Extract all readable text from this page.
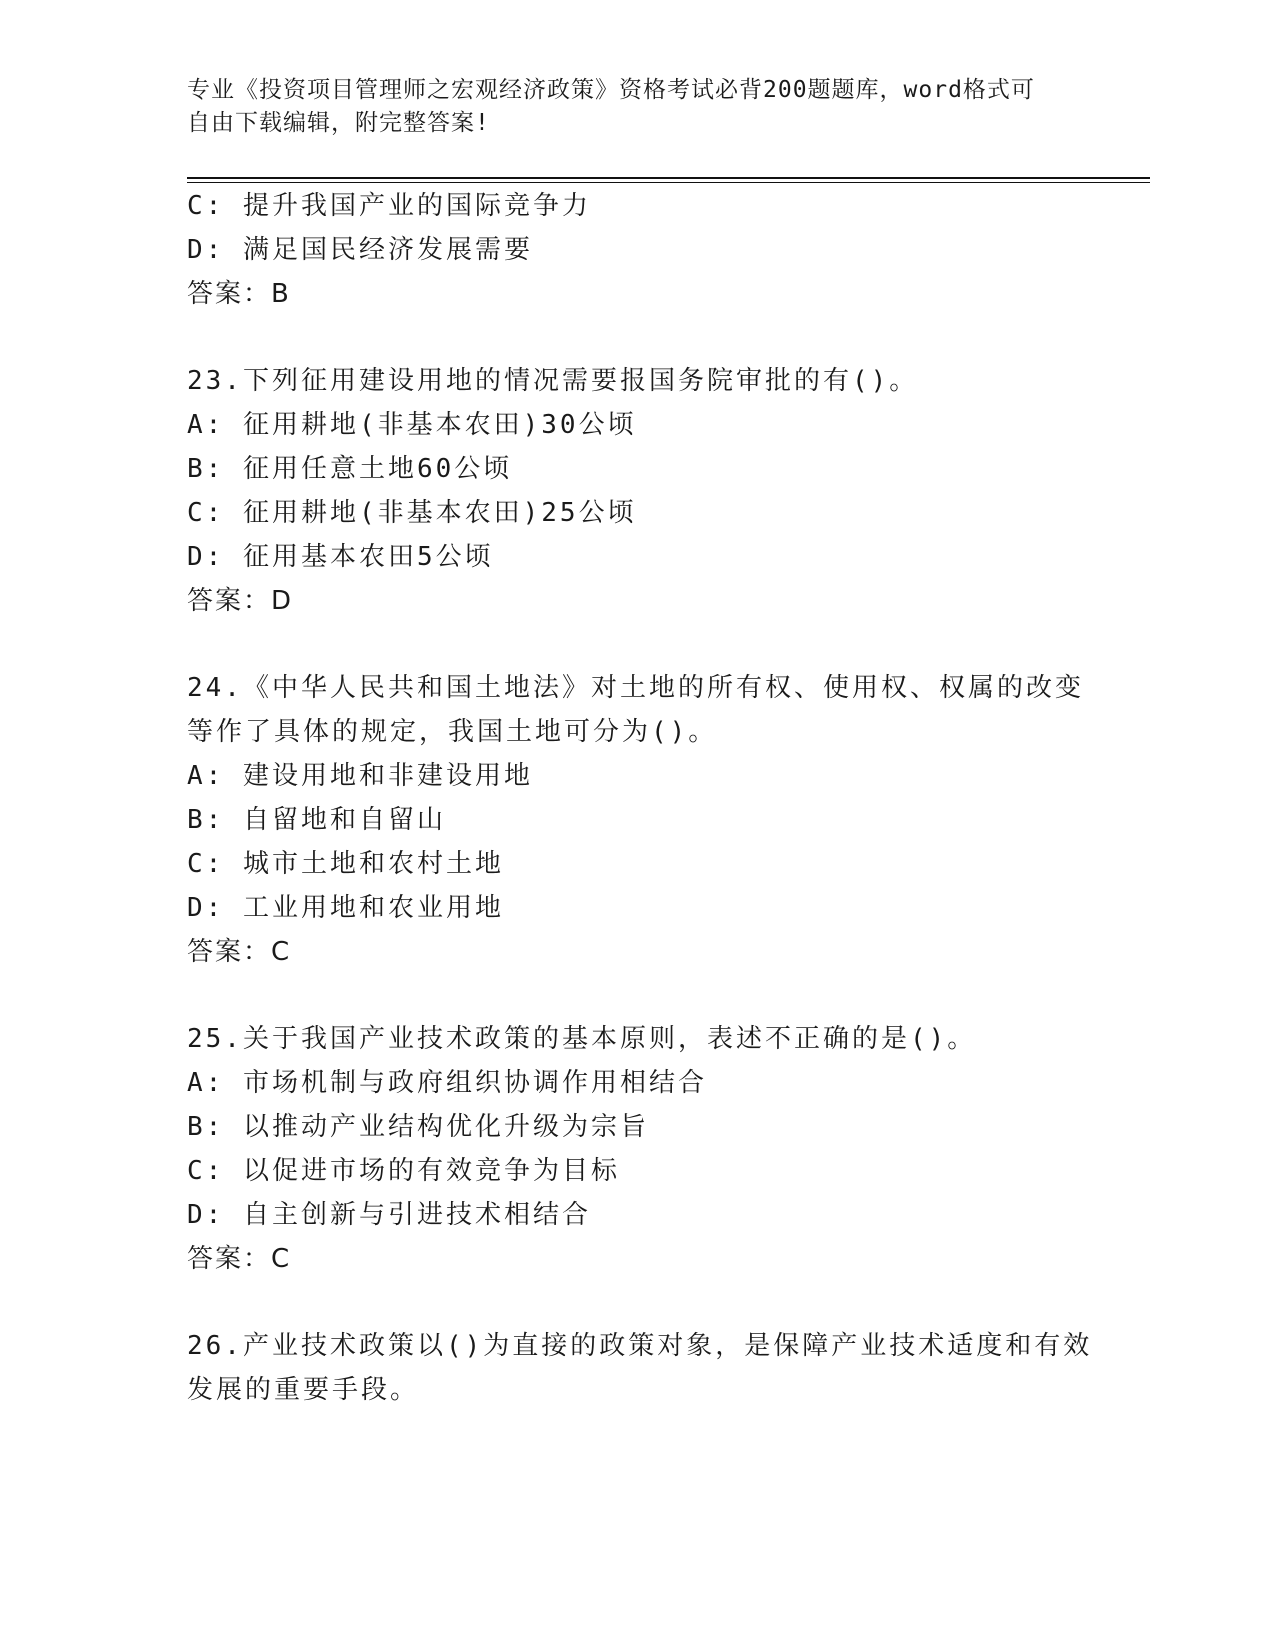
专业《投资项目管理师之宏观经济政策》资格考试必背200题题库，word格式可
自由下载编辑，附完整答案!
C: 提升我国产业的国际竞争力
D: 满足国民经济发展需要
答案：B
23.下列征用建设用地的情况需要报国务院审批的有()。
A: 征用耕地(非基本农田)30公顷
B: 征用任意土地60公顷
C: 征用耕地(非基本农田)25公顷
D: 征用基本农田5公顷
答案：D
24.《中华人民共和国土地法》对土地的所有权、使用权、权属的改变
等作了具体的规定，我国土地可分为()。
A: 建设用地和非建设用地
B: 自留地和自留山
C: 城市土地和农村土地
D: 工业用地和农业用地
答案：C
25.关于我国产业技术政策的基本原则，表述不正确的是()。
A: 市场机制与政府组织协调作用相结合
B: 以推动产业结构优化升级为宗旨
C: 以促进市场的有效竞争为目标
D: 自主创新与引进技术相结合
答案：C
26.产业技术政策以()为直接的政策对象，是保障产业技术适度和有效
发展的重要手段。
